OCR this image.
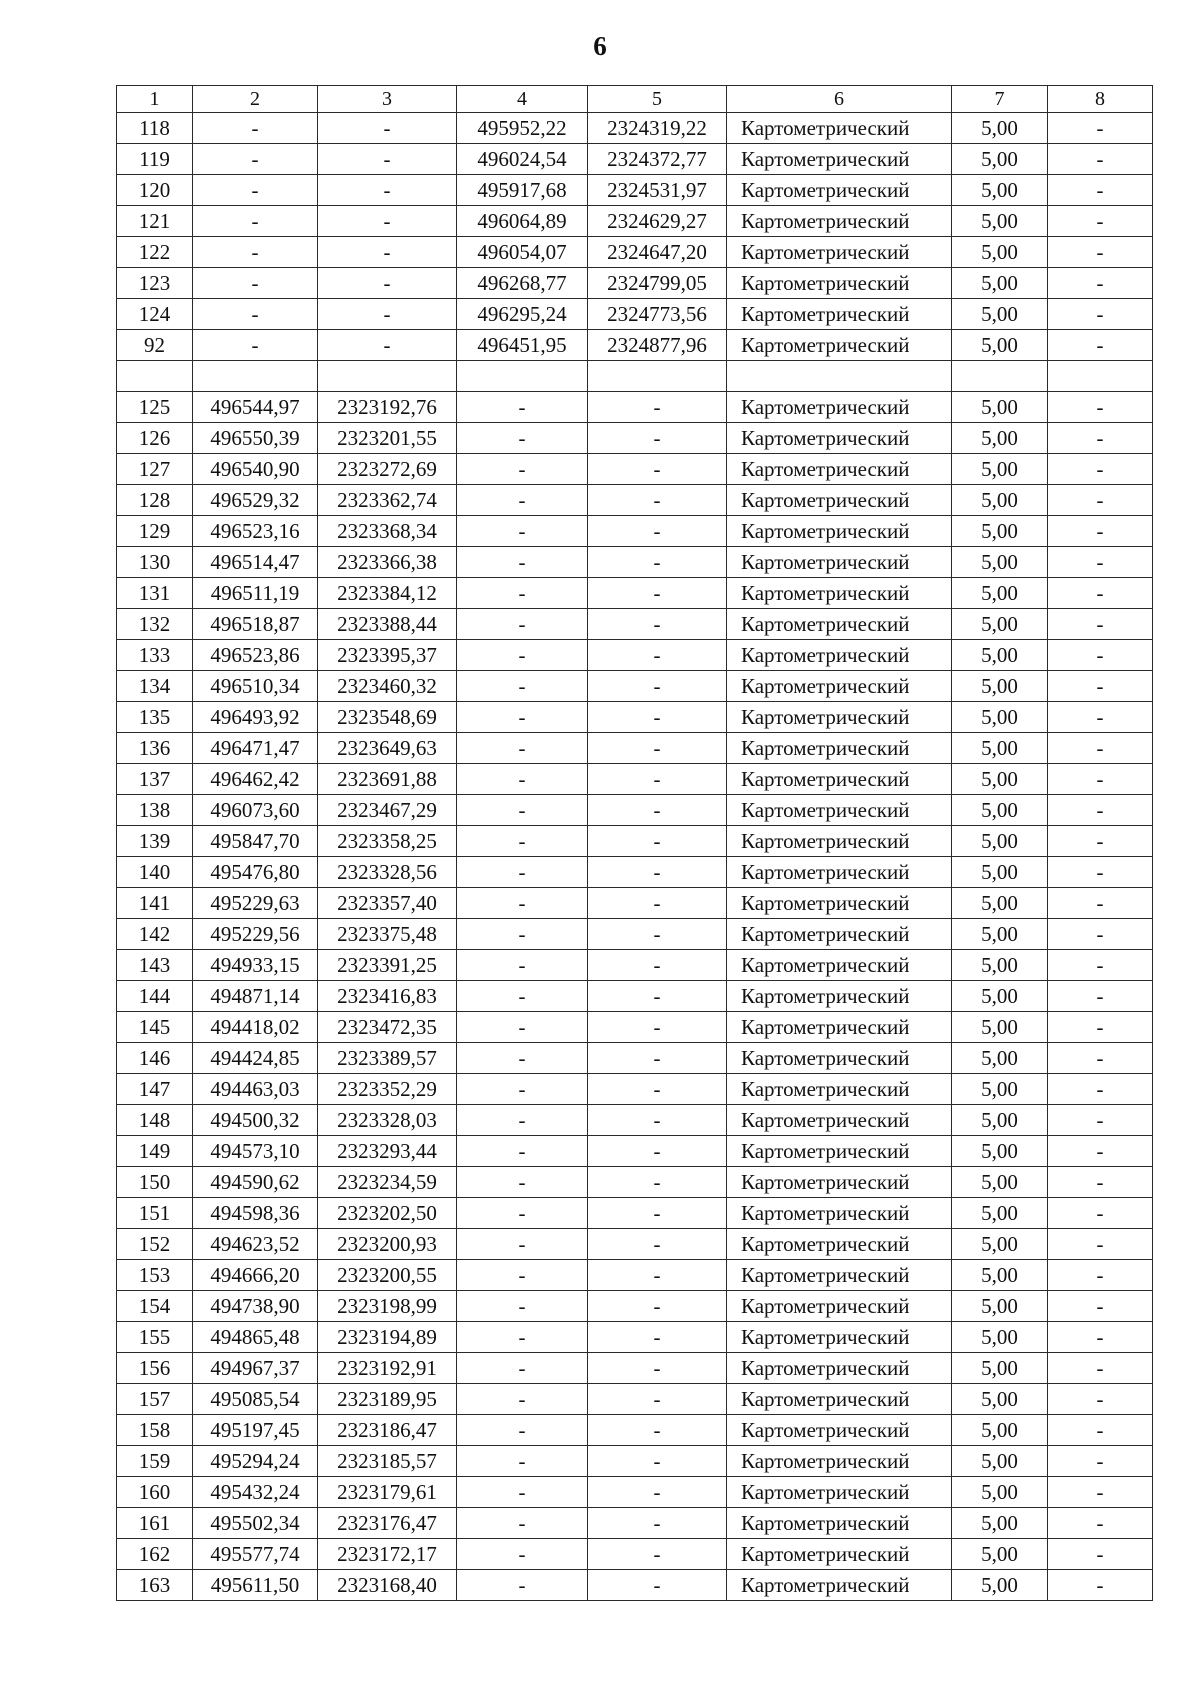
6
1	2	3	4	5	6	7	8
118	-	-	495952,22	2324319,22	Картометрический	5,00	-
119	-	-	496024,54	2324372,77	Картометрический	5,00	-
120	-	-	495917,68	2324531,97	Картометрический	5,00	-
121	-	-	496064,89	2324629,27	Картометрический	5,00	-
122	-	-	496054,07	2324647,20	Картометрический	5,00	-
123	-	-	496268,77	2324799,05	Картометрический	5,00	-
124	-	-	496295,24	2324773,56	Картометрический	5,00	-
92	-	-	496451,95	2324877,96	Картометрический	5,00	-

125	496544,97	2323192,76	-	-	Картометрический	5,00	-
126	496550,39	2323201,55	-	-	Картометрический	5,00	-
127	496540,90	2323272,69	-	-	Картометрический	5,00	-
128	496529,32	2323362,74	-	-	Картометрический	5,00	-
129	496523,16	2323368,34	-	-	Картометрический	5,00	-
130	496514,47	2323366,38	-	-	Картометрический	5,00	-
131	496511,19	2323384,12	-	-	Картометрический	5,00	-
132	496518,87	2323388,44	-	-	Картометрический	5,00	-
133	496523,86	2323395,37	-	-	Картометрический	5,00	-
134	496510,34	2323460,32	-	-	Картометрический	5,00	-
135	496493,92	2323548,69	-	-	Картометрический	5,00	-
136	496471,47	2323649,63	-	-	Картометрический	5,00	-
137	496462,42	2323691,88	-	-	Картометрический	5,00	-
138	496073,60	2323467,29	-	-	Картометрический	5,00	-
139	495847,70	2323358,25	-	-	Картометрический	5,00	-
140	495476,80	2323328,56	-	-	Картометрический	5,00	-
141	495229,63	2323357,40	-	-	Картометрический	5,00	-
142	495229,56	2323375,48	-	-	Картометрический	5,00	-
143	494933,15	2323391,25	-	-	Картометрический	5,00	-
144	494871,14	2323416,83	-	-	Картометрический	5,00	-
145	494418,02	2323472,35	-	-	Картометрический	5,00	-
146	494424,85	2323389,57	-	-	Картометрический	5,00	-
147	494463,03	2323352,29	-	-	Картометрический	5,00	-
148	494500,32	2323328,03	-	-	Картометрический	5,00	-
149	494573,10	2323293,44	-	-	Картометрический	5,00	-
150	494590,62	2323234,59	-	-	Картометрический	5,00	-
151	494598,36	2323202,50	-	-	Картометрический	5,00	-
152	494623,52	2323200,93	-	-	Картометрический	5,00	-
153	494666,20	2323200,55	-	-	Картометрический	5,00	-
154	494738,90	2323198,99	-	-	Картометрический	5,00	-
155	494865,48	2323194,89	-	-	Картометрический	5,00	-
156	494967,37	2323192,91	-	-	Картометрический	5,00	-
157	495085,54	2323189,95	-	-	Картометрический	5,00	-
158	495197,45	2323186,47	-	-	Картометрический	5,00	-
159	495294,24	2323185,57	-	-	Картометрический	5,00	-
160	495432,24	2323179,61	-	-	Картометрический	5,00	-
161	495502,34	2323176,47	-	-	Картометрический	5,00	-
162	495577,74	2323172,17	-	-	Картометрический	5,00	-
163	495611,50	2323168,40	-	-	Картометрический	5,00	-
